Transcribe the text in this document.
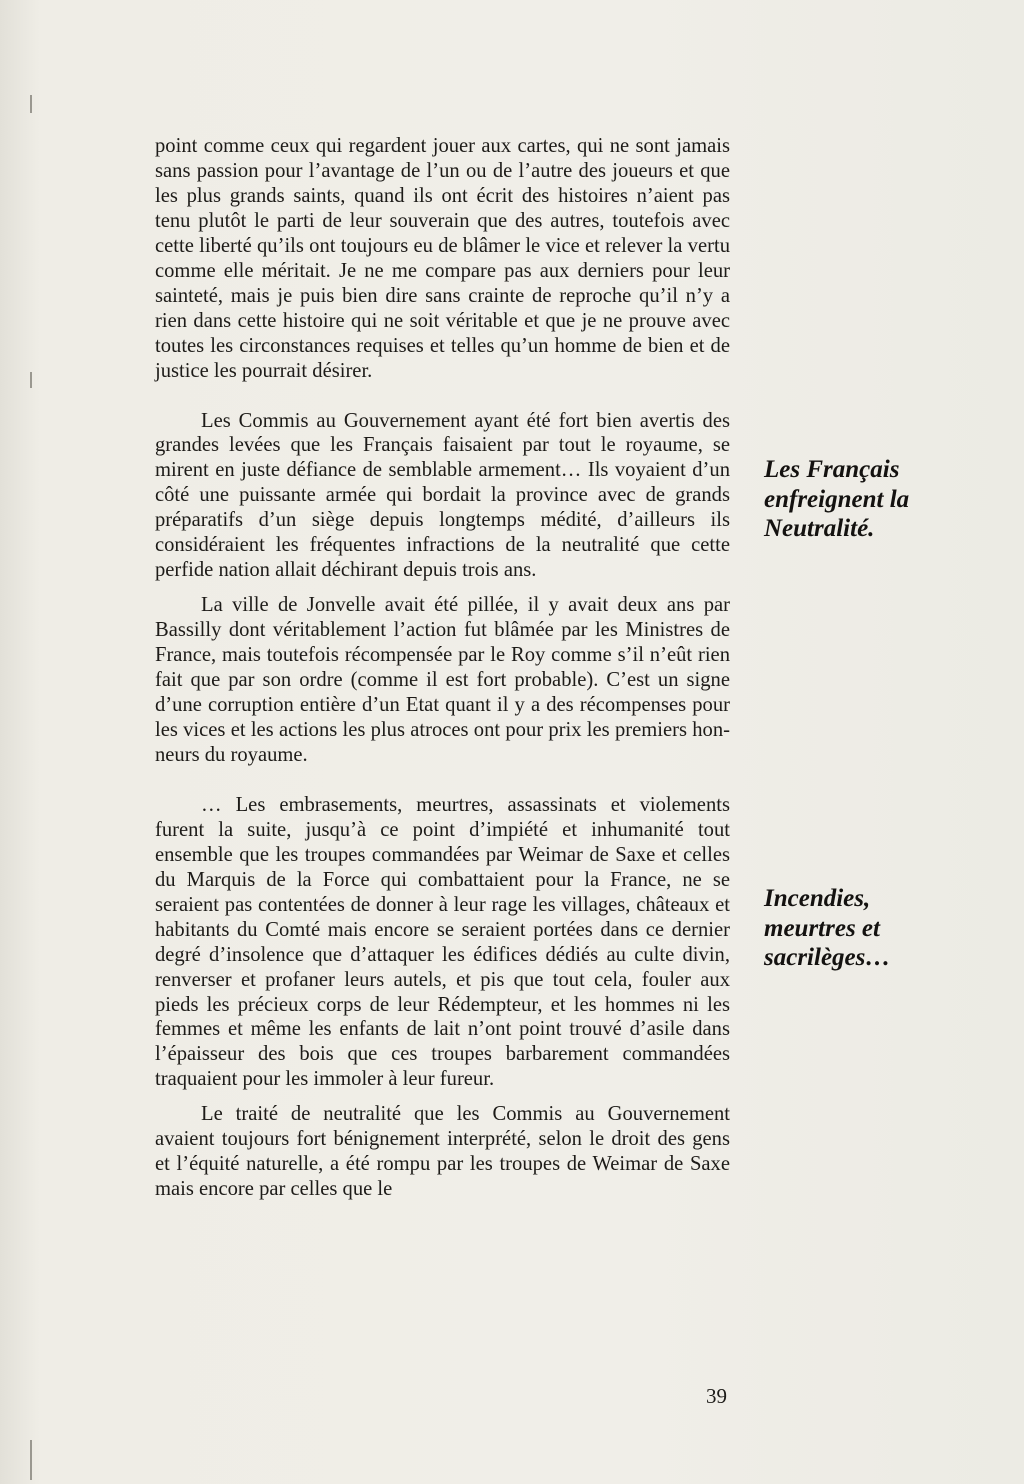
point comme ceux qui regardent jouer aux cartes, qui ne sont jamais sans passion pour l’avantage de l’un ou de l’autre des joueurs et que les plus grands saints, quand ils ont écrit des histoires n’aient pas tenu plutôt le parti de leur souverain que des autres, toutefois avec cette liberté qu’ils ont toujours eu de blâmer le vice et relever la vertu comme elle méritait. Je ne me compare pas aux derniers pour leur sainteté, mais je puis bien dire sans crainte de reproche qu’il n’y a rien dans cette histoire qui ne soit véritable et que je ne prouve avec toutes les circonstances requises et telles qu’un homme de bien et de justice les pourrait désirer.

Les Commis au Gouvernement ayant été fort bien avertis des grandes levées que les Français faisaient par tout le royaume, se mirent en juste défiance de semblable armement… Ils voyaient d’un côté une puissante armée qui bordait la province avec de grands préparatifs d’un siège depuis longtemps médité, d’ailleurs ils considéraient les fréquentes infractions de la neutralité que cette perfide nation allait déchirant depuis trois ans.

La ville de Jonvelle avait été pillée, il y avait deux ans par Bassilly dont véritablement l’action fut blâmée par les Ministres de France, mais toutefois récompensée par le Roy comme s’il n’eût rien fait que par son ordre (comme il est fort probable). C’est un signe d’une corruption entière d’un Etat quant il y a des récompenses pour les vices et les actions les plus atroces ont pour prix les premiers honneurs du royaume.

… Les embrasements, meurtres, assassinats et violements furent la suite, jusqu’à ce point d’impiété et inhumanité tout ensemble que les troupes commandées par Weimar de Saxe et celles du Marquis de la Force qui combattaient pour la France, ne se seraient pas contentées de donner à leur rage les villages, châteaux et habitants du Comté mais encore se seraient portées dans ce dernier degré d’insolence que d’attaquer les édifices dédiés au culte divin, renverser et profaner leurs autels, et pis que tout cela, fouler aux pieds les précieux corps de leur Rédempteur, et les hommes ni les femmes et même les enfants de lait n’ont point trouvé d’asile dans l’épaisseur des bois que ces troupes barbarement commandées traquaient pour les immoler à leur fureur.

Le traité de neutralité que les Commis au Gouvernement avaient toujours fort bénignement interprété, selon le droit des gens et l’équité naturelle, a été rompu par les troupes de Weimar de Saxe mais encore par celles que le

Les Français
enfreignent la
Neutralité.
Incendies,
meurtres et
sacrilèges…
39
